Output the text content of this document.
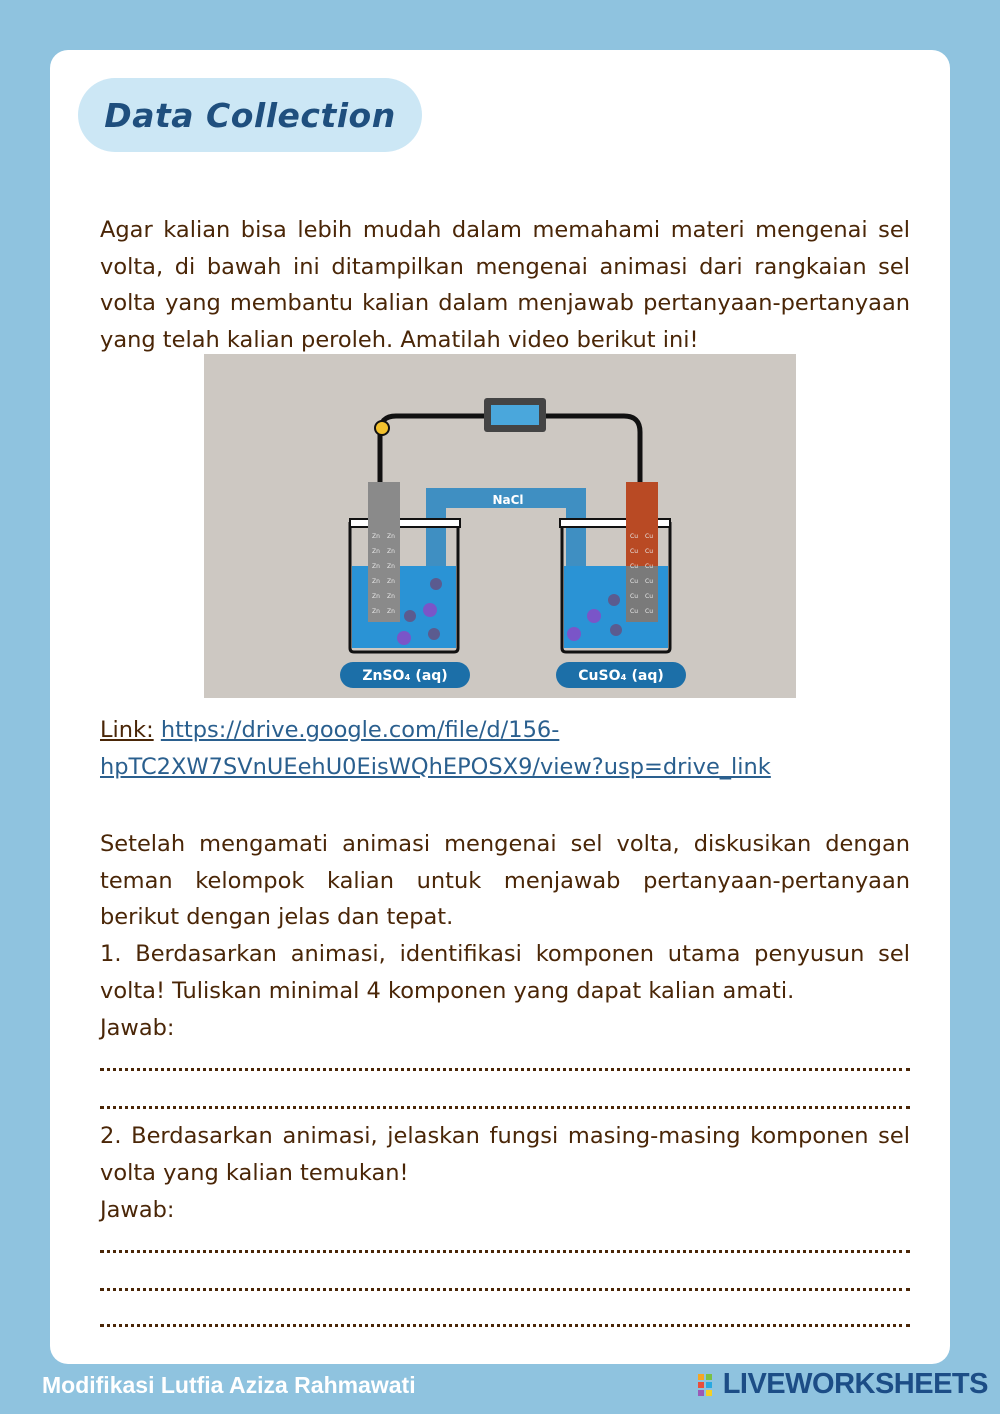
Data Collection

Agar kalian bisa lebih mudah dalam memahami materi mengenai sel volta, di bawah ini ditampilkan mengenai animasi dari rangkaian sel volta yang membantu kalian dalam menjawab pertanyaan-pertanyaan yang telah kalian peroleh. Amatilah video berikut ini!

NaCl
ZnSO₄ (aq)	CuSO₄ (aq)
Zn Zn
Zn Zn
Zn Zn
Zn Zn
Zn Zn
Zn Zn
Cu Cu
Cu Cu
Cu Cu
Cu Cu
Cu Cu
Cu Cu
Link: https://drive.google.com/file/d/156-
hpTC2XW7SVnUEehU0EisWQhEPOSX9/view?usp=drive_link

Setelah mengamati animasi mengenai sel volta, diskusikan dengan teman kelompok kalian untuk menjawab pertanyaan-pertanyaan berikut dengan jelas dan tepat.

1. Berdasarkan animasi, identifikasi komponen utama penyusun sel volta! Tuliskan minimal 4 komponen yang dapat kalian amati.

Jawab:

2. Berdasarkan animasi, jelaskan fungsi masing-masing komponen sel volta yang kalian temukan!

Jawab:
Modifikasi Lutfia Aziza Rahmawati	LIVEWORKSHEETS
